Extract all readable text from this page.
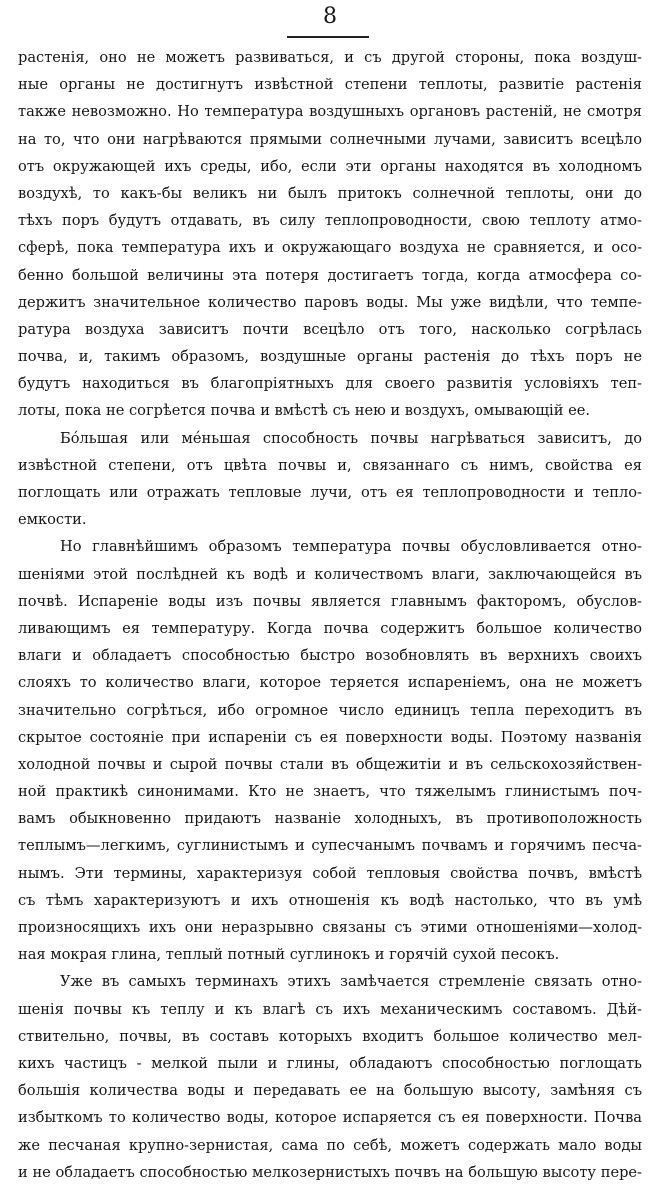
8
растенія, оно не можетъ развиваться, и съ другой стороны, пока воздуш-
ные органы не достигнутъ извѣстной степени теплоты, развитіе растенія
также невозможно. Но температура воздушныхъ органовъ растеній, не смотря
на то, что они нагрѣваются прямыми солнечными лучами, зависитъ всецѣло
отъ окружающей ихъ среды, ибо, если эти органы находятся въ холодномъ
воздухѣ, то какъ-бы великъ ни былъ притокъ солнечной теплоты, они до
тѣхъ поръ будутъ отдавать, въ силу теплопроводности, свою теплоту атмо-
сферѣ, пока температура ихъ и окружающаго воздуха не сравняется, и осо-
бенно большой величины эта потеря достигаетъ тогда, когда атмосфера со-
держитъ значительное количество паровъ воды. Мы уже видѣли, что темпе-
ратура воздуха зависитъ почти всецѣло отъ того, насколько согрѣлась
почва, и, такимъ образомъ, воздушные органы растенія до тѣхъ поръ не
будутъ находиться въ благопріятныхъ для своего развитія условіяхъ теп-
лоты, пока не согрѣется почва и вмѣстѣ съ нею и воздухъ, омывающій ее.
Бóльшая или мéньшая способность почвы нагрѣваться зависитъ, до
извѣстной степени, отъ цвѣта почвы и, связаннаго съ нимъ, свойства ея
поглощать или отражать тепловые лучи, отъ ея теплопроводности и тепло-
емкости.
Но главнѣйшимъ образомъ температура почвы обусловливается отно-
шеніями этой послѣдней къ водѣ и количествомъ влаги, заключающейся въ
почвѣ. Испареніе воды изъ почвы является главнымъ факторомъ, обуслов-
ливающимъ ея температуру. Когда почва содержитъ большое количество
влаги и обладаетъ способностью быстро возобновлять въ верхнихъ своихъ
слояхъ то количество влаги, которое теряется испареніемъ, она не можетъ
значительно согрѣться, ибо огромное число единицъ тепла переходитъ въ
скрытое состояніе при испареніи съ ея поверхности воды. Поэтому названія
холодной почвы и сырой почвы стали въ общежитіи и въ сельскохозяйствен-
ной практикѣ синонимами. Кто не знаетъ, что тяжелымъ глинистымъ поч-
вамъ обыкновенно придаютъ названіе холодныхъ, въ противоположность
теплымъ—легкимъ, суглинистымъ и супесчанымъ почвамъ и горячимъ песча-
нымъ. Эти термины, характеризуя собой тепловыя свойства почвъ, вмѣстѣ
съ тѣмъ характеризуютъ и ихъ отношенія къ водѣ настолько, что въ умѣ
произносящихъ ихъ они неразрывно связаны съ этими отношеніями—холод-
ная мокрая глина, теплый потный суглинокъ и горячій сухой песокъ.
Уже въ самыхъ терминахъ этихъ замѣчается стремленіе связать отно-
шенія почвы къ теплу и къ влагѣ съ ихъ механическимъ составомъ. Дѣй-
ствительно, почвы, въ составъ которыхъ входитъ большое количество мел-
кихъ частицъ - мелкой пыли и глины, обладаютъ способностью поглощать
большія количества воды и передавать ее на большую высоту, замѣняя съ
избыткомъ то количество воды, которое испаряется съ ея поверхности. Почва
же песчаная крупно-зернистая, сама по себѣ, можетъ содержать мало воды
и не обладаетъ способностью мелкозернистыхъ почвъ на большую высоту пере-
